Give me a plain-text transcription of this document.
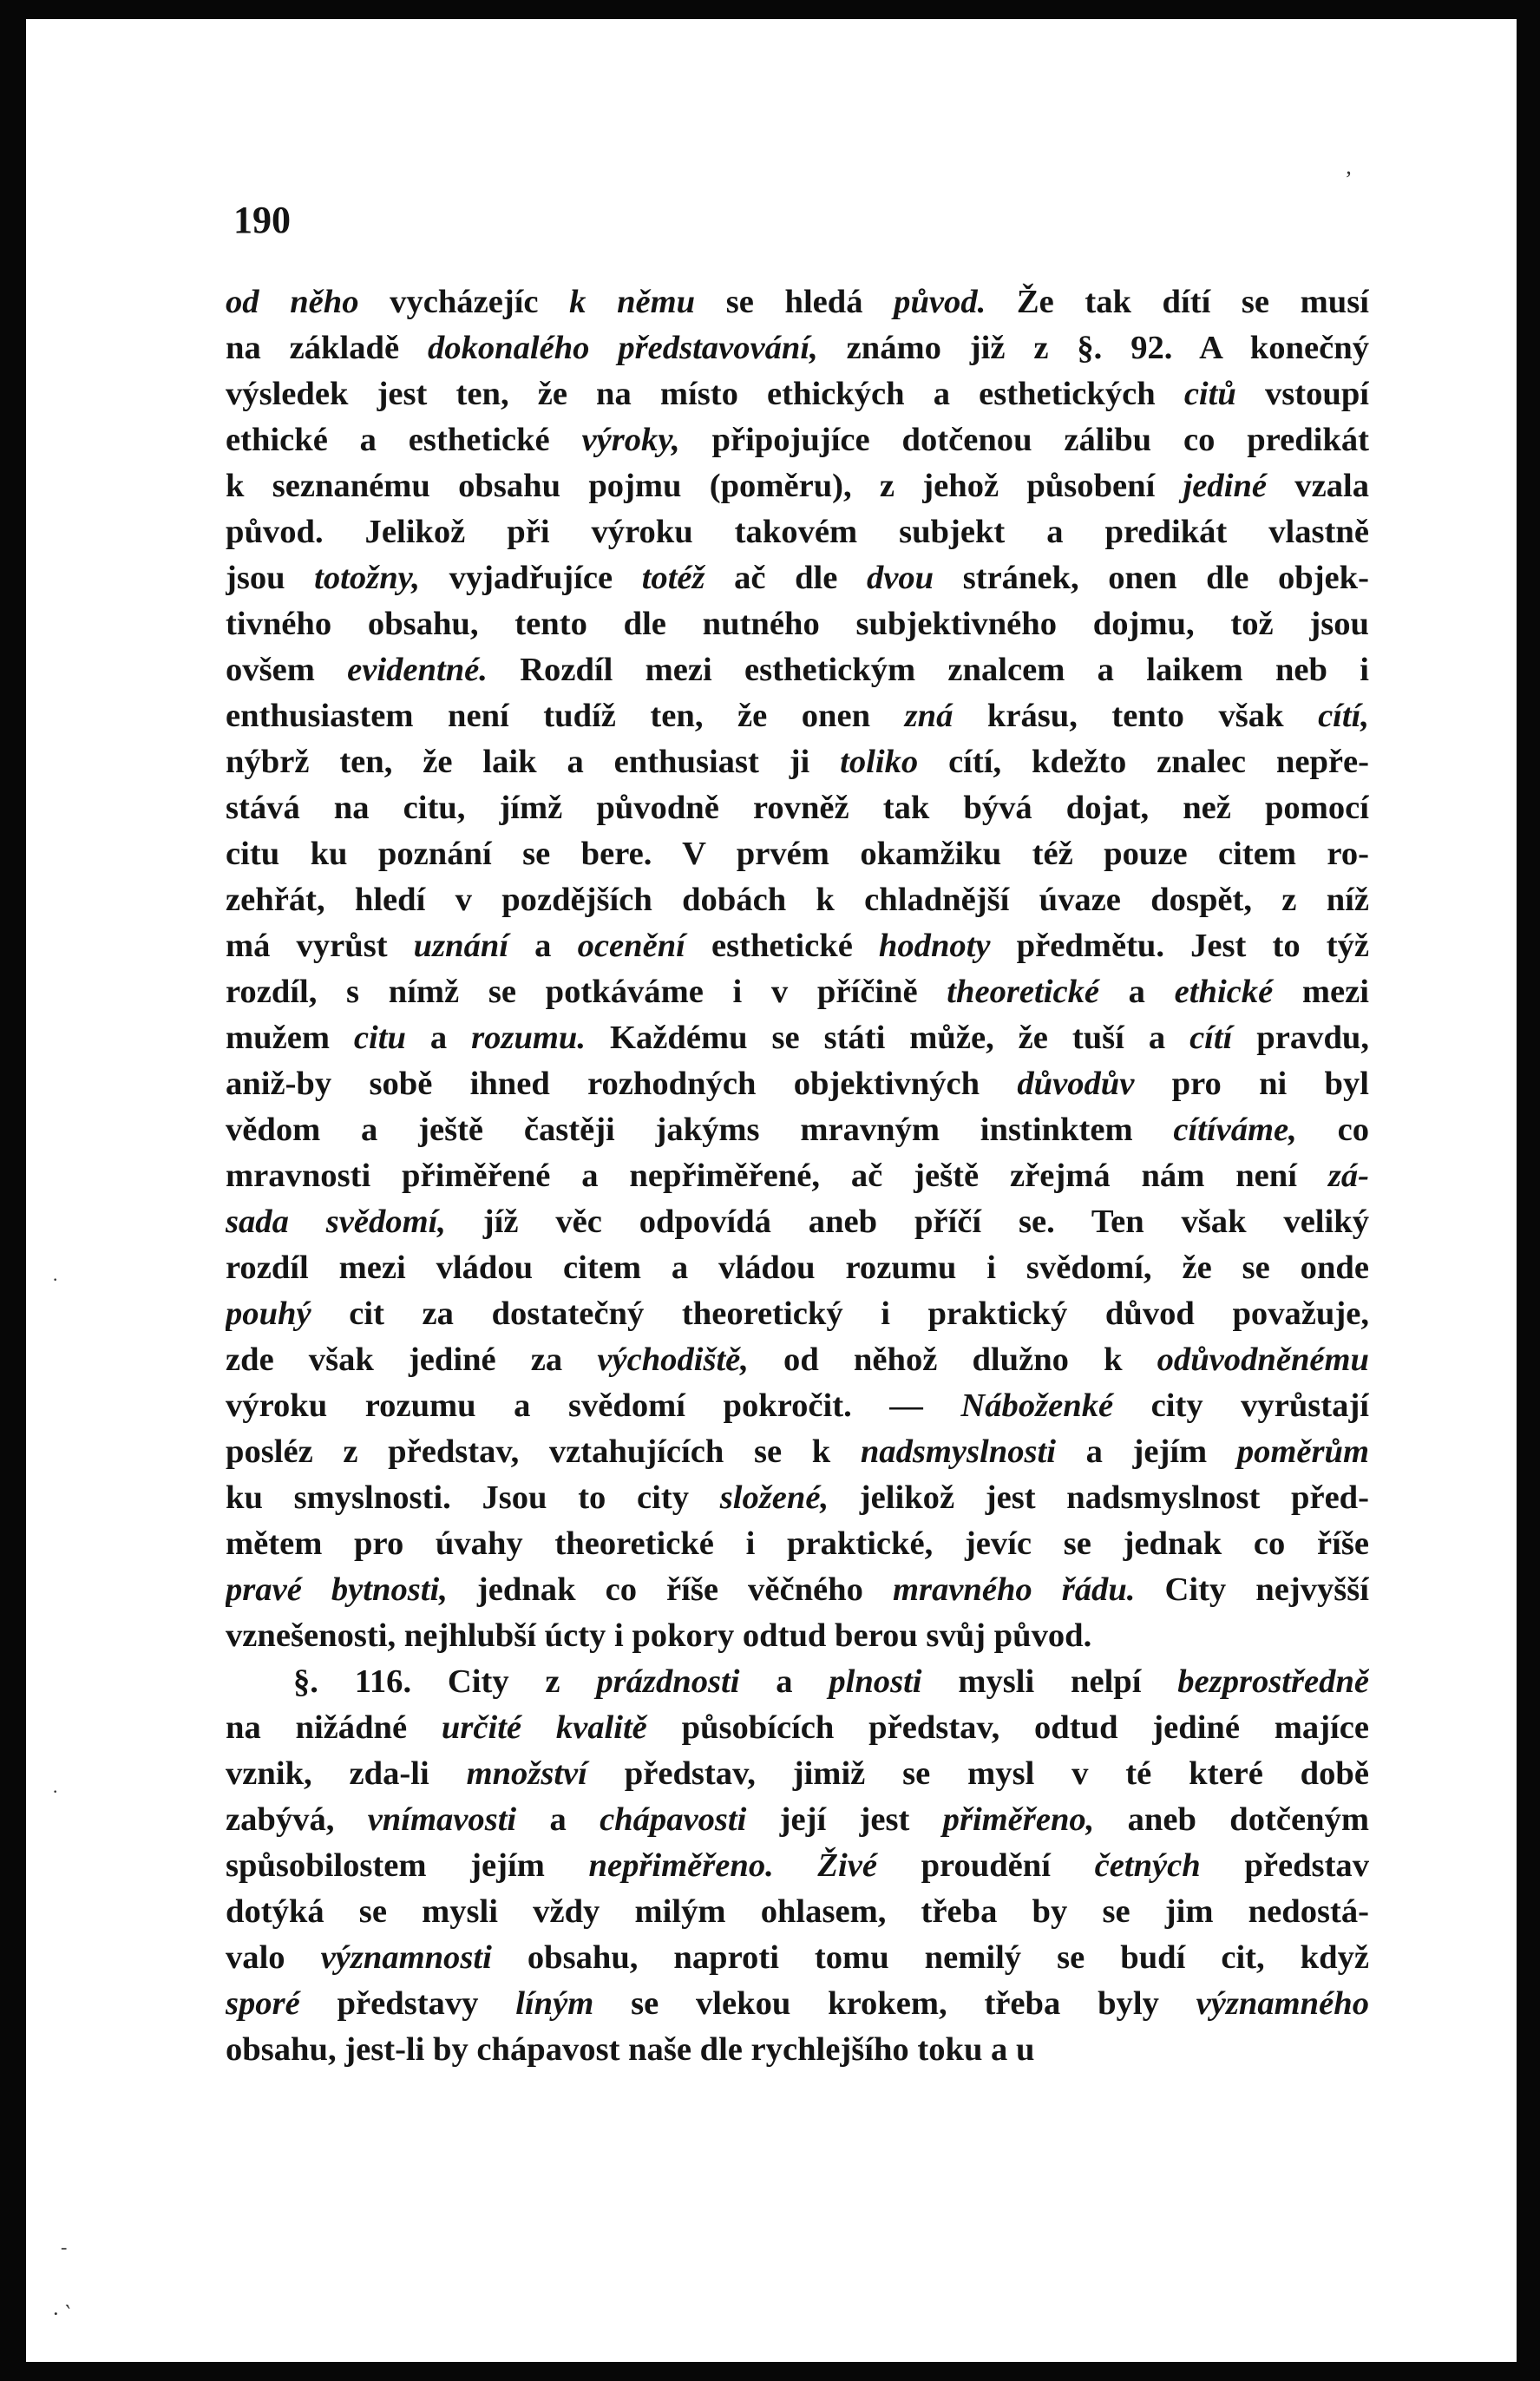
190

od něho vycházejíc k němu se hledá původ. Že tak dítí se musí
na základě dokonalého představování, známo již z §. 92. A konečný
výsledek jest ten, že na místo ethických a esthetických citů vstoupí
ethické a esthetické výroky, připojujíce dotčenou zálibu co predikát
k seznanému obsahu pojmu (poměru), z jehož působení jediné vzala
původ. Jelikož při výroku takovém subjekt a predikát vlastně
jsou totožny, vyjadřujíce totéž ač dle dvou stránek, onen dle objek-
tivného obsahu, tento dle nutného subjektivného dojmu, tož jsou
ovšem evidentné. Rozdíl mezi esthetickým znalcem a laikem neb i
enthusiastem není tudíž ten, že onen zná krásu, tento však cítí,
nýbrž ten, že laik a enthusiast ji toliko cítí, kdežto znalec nepře-
stává na citu, jímž původně rovněž tak bývá dojat, než pomocí
citu ku poznání se bere. V prvém okamžiku též pouze citem ro-
zehřát, hledí v pozdějších dobách k chladnější úvaze dospět, z níž
má vyrůst uznání a ocenění esthetické hodnoty předmětu. Jest to týž
rozdíl, s nímž se potkáváme i v příčině theoretické a ethické mezi
mužem citu a rozumu. Každému se státi může, že tuší a cítí pravdu,
aniž-by sobě ihned rozhodných objektivných důvodův pro ni byl
vědom a ještě častěji jakýms mravným instinktem cítíváme, co
mravnosti přiměřené a nepřiměřené, ač ještě zřejmá nám není zá-
sada svědomí, jíž věc odpovídá aneb příčí se. Ten však veliký
rozdíl mezi vládou citem a vládou rozumu i svědomí, že se onde
pouhý cit za dostatečný theoretický i praktický důvod považuje,
zde však jediné za východiště, od něhož dlužno k odůvodněnému
výroku rozumu a svědomí pokročit. — Náboženké city vyrůstají
posléz z představ, vztahujících se k nadsmyslnosti a jejím poměrům
ku smyslnosti. Jsou to city složené, jelikož jest nadsmyslnost před-
mětem pro úvahy theoretické i praktické, jevíc se jednak co říše
pravé bytnosti, jednak co říše věčného mravného řádu. City nejvyšší
vznešenosti, nejhlubší úcty i pokory odtud berou svůj původ.
§. 116. City z prázdnosti a plnosti mysli nelpí bezprostředně
na nižádné určité kvalitě působících představ, odtud jediné majíce
vznik, zda-li množství představ, jimiž se mysl v té které době
zabývá, vnímavosti a chápavosti její jest přiměřeno, aneb dotčeným
spůsobilostem jejím nepřiměřeno. Živé proudění četných představ
dotýká se mysli vždy milým ohlasem, třeba by se jim nedostá-
valo významnosti obsahu, naproti tomu nemilý se budí cit, když
sporé představy líným se vlekou krokem, třeba byly významného
obsahu, jest-li by chápavost naše dle rychlejšího toku a u
’
·
·
-
· ‵
